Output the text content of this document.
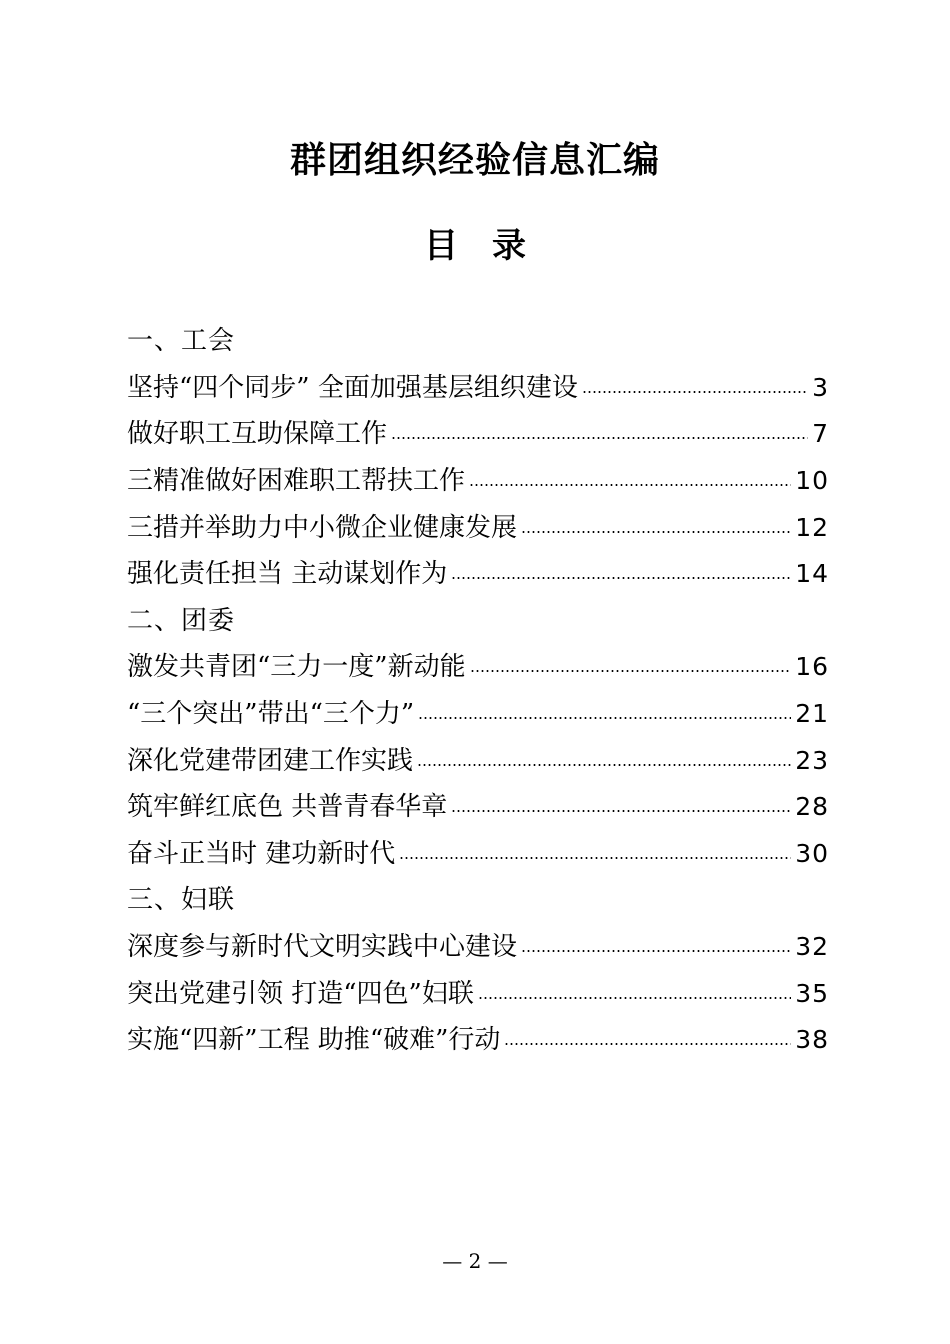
群团组织经验信息汇编
目 录
一、工会
坚持“四个同步” 全面加强基层组织建设	3
做好职工互助保障工作	7
三精准做好困难职工帮扶工作	10
三措并举助力中小微企业健康发展	12
强化责任担当 主动谋划作为	14
二、团委
激发共青团“三力一度”新动能	16
“三个突出”带出“三个力”	21
深化党建带团建工作实践	23
筑牢鲜红底色 共普青春华章	28
奋斗正当时 建功新时代	30
三、妇联
深度参与新时代文明实践中心建设	32
突出党建引领 打造“四色”妇联	35
实施“四新”工程 助推“破难”行动	38
— 2 —
